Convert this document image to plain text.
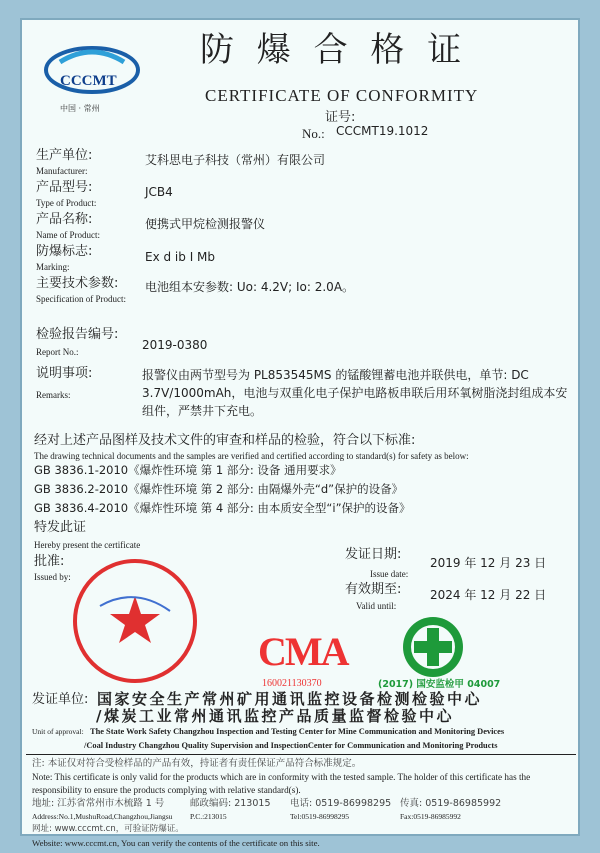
CCCMT
中国 · 常州
防 爆 合 格 证
CERTIFICATE OF CONFORMITY
证号:
No.: CCCMT19.1012
生产单位:
Manufacturer:
艾科思电子科技（常州）有限公司
产品型号:
Type of Product:
JCB4
产品名称:
Name of Product:
便携式甲烷检测报警仪
防爆标志:
Marking:
Ex d ib I Mb
主要技术参数:
Specification of Product:
电池组本安参数: Uo: 4.2V; Io: 2.0A。
检验报告编号:
Report No.:	2019-0380
说明事项:
Remarks:
报警仪由两节型号为 PL853545MS 的锰酸锂蓄电池并联供电，单节: DC
3.7V/1000mAh，电池与双重化电子保护电路板串联后用环氧树脂浇封组成本安
组件，严禁井下充电。
经对上述产品图样及技术文件的审查和样品的检验，符合以下标准:
The drawing technical documents and the samples are verified and certified according to standard(s) for safety as below:
GB 3836.1-2010《爆炸性环境 第 1 部分: 设备 通用要求》
GB 3836.2-2010《爆炸性环境 第 2 部分: 由隔爆外壳“d”保护的设备》
GB 3836.4-2010《爆炸性环境 第 4 部分: 由本质安全型“i”保护的设备》
特发此证
Hereby present the certificate
批准:
Issued by:
发证日期:
Issue date:
2019 年 12 月 23 日
有效期至:
Valid until:
2024 年 12 月 22 日
CMA
160021130370	(2017) 国安监检甲 04007
发证单位: 国家安全生产常州矿用通讯监控设备检测检验中心
/煤炭工业常州通讯监控产品质量监督检验中心
Unit of approval: The State Work Safety Changzhou Inspection and Testing Center for Mine Communication and Monitoring Devices
/Coal Industry Changzhou Quality Supervision and InspectionCenter for Communication and Monitoring Products
注: 本证仅对符合受检样品的产品有效，持证者有责任保证产品符合标准规定。
Note: This certificate is only valid for the products which are in conformity with the tested sample. The holder of this certificate has the
responsibility to ensure the products complying with relative standard(s).
地址: 江苏省常州市木梳路 1 号	邮政编码: 213015 电话: 0519-86998295 传真: 0519-86985992
Address:No.1,MushuRoad,Changzhou,Jiangsu P.C.:213015	Tel:0519-86998295	Fax:0519-86985992
网址: www.cccmt.cn，可验证防爆证。
Website: www.cccmt.cn, You can verify the contents of the certificate on this site.
